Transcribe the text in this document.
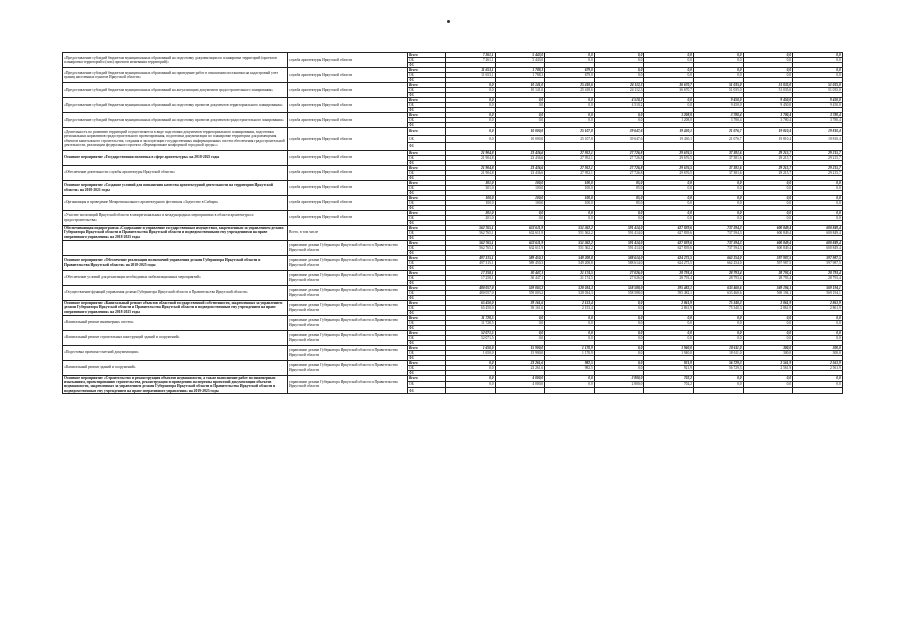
«Предоставление субсидий бюджетам муниципальных образований на подготовку документации по планировке территорий (проектов планировки территорий и (или) проектов межевания территорий)»	служба архитектуры Иркутской области	Всего	7 261,1	5 443,0	0,0	0,0	0,0	0,0	0,0	0,0
		ОБ	7 261,1	5 443,0	0,0	0,0	0,0	0,0	0,0	0,0
		ФБ								
«Предоставление субсидий бюджетам муниципальных образований на проведение работ в отношении постановки на кадастровый учет границ населенных пунктов Иркутской области»	служба архитектуры Иркутской области	Всего	11 653,1	1 788,3	679,0	0,0	0,0	0,0	0,0	0,0
		ОБ	11 653,1	1 788,3	679,0	0,0	0,0	0,0	0,0	0,0
		ФБ								
«Предоставление субсидий бюджетам муниципальных образований на актуализацию документов градостроительного зонирования»	служба архитектуры Иркутской области	Всего	0,0	10 141,0	25 418,6	24 112,3	36 670,7	51 035,0	51 035,0	51 035,0
		ОБ	0,0	10 141,0	25 418,6	24 112,3	36 670,7	51 035,0	51 035,0	51 035,0
		ФБ								
«Предоставление субсидий бюджетам муниципальных образований на подготовку проектов документов территориального планирования»	служба архитектуры Иркутской области	Всего	0,0	0,0	0,0	4 510,2	0,0	9 450,0	9 450,0	9 450,0
		ОБ	0,0	0,0	0,0	4 510,2	0,0	9 450,0	9 450,0	9 450,0
		ФБ								
«Предоставление субсидий бюджетам муниципальных образований на подготовку проектов документов градостроительного зонирования»	служба архитектуры Иркутской области	Всего	0,0	0,0	0,0	0,0	1 208,0	3 780,4	3 780,4	3 780,4
		ОБ	0,0	0,0	0,0	0,0	1 208,0	3 780,4	3 780,4	3 780,4
		ФБ								
«Деятельность по развитию территорий осуществляется в виде подготовки документов территориального планирования, подготовки региональных нормативов градостроительного проектирования, подготовки документации по планировке территории для размещения объектов капитального строительства, создания и эксплуатации государственных информационных систем обеспечения градостроительной деятельности, реализации федерального проекта «Формирование комфортной городской среды»»	служба архитектуры Иркутской области	Всего	0,0	10 000,0	25 107,8	39 647,6	19 430,1	21 076,7	19 810,4	19 810,4
		ОБ	0,0	10 000,0	25 107,8	39 647,6	19 430,1	21 076,7	19 810,4	19 810,4
		ФБ								
Основное мероприятие «Государственная политика в сфере архитектуры» на 2018-2025 годы	служба архитектуры Иркутской области	Всего	21 904,8	23 436,6	27 952,1	27 726,8	29 676,5	37 381,6	29 215,7	29 215,7
		ОБ	21 904,8	23 436,6	27 952,1	27 726,8	29 676,5	37 381,6	29 215,7	29 215,7
		ФБ								
«Обеспечение деятельности службы архитектуры Иркутской области»	служба архитектуры Иркутской области	Всего	21 904,8	23 436,6	27 952,1	27 726,8	29 676,5	37 381,6	29 215,7	29 215,7
		ОБ	21 904,8	23 436,6	27 952,1	27 726,8	29 676,5	37 381,6	29 215,7	29 215,7
		ФБ								
Основное мероприятие «Создание условий для повышения качества архитектурной деятельности на территории Иркутской области» на 2018-2021 годы	служба архитектуры Иркутской области	Всего	301,0	100,0	100,0	85,0	0,0	0,0	0,0	0,0
		ОБ	301,0	100,0	100,0	85,0	0,0	0,0	0,0	0,0
		ФБ								
«Организация и проведение Межрегионального архитектурного фестиваля «Зодчество в Сибири»	служба архитектуры Иркутской области	Всего	100,0	100,0	100,0	85,0	0,0	0,0	0,0	0,0
		ОБ	100,0	100,0	100,0	85,0	0,0	0,0	0,0	0,0
		ФБ								
«Участие экспозиций Иркутской области в межрегиональных и международных мероприятиях в области архитектуры и градостроительства»	служба архитектуры Иркутской области	Всего	201,0	0,0	0,0	0,0	0,0	0,0	0,0	0,0
		ОБ	201,0	0,0	0,0	0,0	0,0	0,0	0,0	0,0
		ФБ								
Обеспечивающая подпрограмма «Содержание и управление государственным имуществом, закрепленным за управлением делами Губернатора Иркутской области и Правительства Иркутской области и подведомственными ему учреждениями на праве оперативного управления» на 2018-2025 годы	Всего, в том числе	Всего	562 765,1	632 611,9	551 362,2	591 414,0	627 839,6	737 594,3	600 849,4	600 849,4
		ОБ	562 765,1	632 611,9	551 362,2	591 414,0	627 839,6	737 594,3	600 849,4	600 849,4
		ФБ								
	управление делами Губернатора Иркутской области и Правительства Иркутской области	Всего	562 765,1	632 611,9	551 362,2	591 414,0	627 839,6	737 594,3	600 849,4	600 849,4
		ОБ	562 765,1	632 611,9	551 362,2	591 414,0	627 839,6	737 594,3	600 849,4	600 849,4
		ФБ								
Основное мероприятие «Обеспечение реализации полномочий управления делами Губернатора Иркутской области и Правительства Иркутской области» на 2018-2025 годы	управление делами Губернатора Иркутской области и Правительства Иркутской области	Всего	497 315,1	589 450,3	549 208,8	588 614,0	624 275,5	662 254,0	597 987,5	597 987,5
		ОБ	497 315,1	589 450,3	549 208,8	588 614,0	624 275,5	662 254,0	597 987,5	597 987,5
		ФБ								
«Обеспечение условий для реализации необходимых мобилизационных мероприятий»	управление делами Губернатора Иркутской области и Правительства Иркутской области	Всего	17 258,1	30 447,1	21 174,5	27 026,0	28 793,4	28 793,4	28 793,4	28 793,4
		ОБ	17 258,1	30 447,1	21 174,5	27 026,0	28 793,4	28 793,4	28 793,4	28 793,4
		ФБ								
«Осуществление функций управления делами Губернатора Иркутской области и Правительства Иркутской области»	управление делами Губернатора Иркутской области и Правительства Иркутской области	Всего	480 057,0	559 003,2	528 034,3	558 588,0	595 482,1	633 460,6	569 194,1	569 194,1
		ОБ	480 057,0	559 003,2	528 034,3	558 588,0	595 482,1	633 460,6	569 194,1	569 194,1
		ФБ								
Основное мероприятие «Капитальный ремонт объектов областной государственной собственности, закрепленных за управлением делами Губернатора Иркутской области и Правительства Иркутской области и подведомственным ему учреждением на праве оперативного управления» на 2018-2025 годы	управление делами Губернатора Иркутской области и Правительства Иркутской области	Всего	65 450,0	39 161,6	2 153,4	0,0	2 861,9	75 340,3	2 861,9	2 861,9
		ОБ	65 450,0	39 161,6	2 153,4	0,0	2 861,9	75 340,3	2 861,9	2 861,9
		ФБ								
«Капитальный ремонт инженерных систем»	управление делами Губернатора Иркутской области и Правительства Иркутской области	Всего	11 728,5	0,0	0,0	0,0	0,0	0,0	0,0	0,0
		ОБ	11 728,5	0,0	0,0	0,0	0,0	0,0	0,0	0,0
		ФБ								
«Капитальный ремонт строительных конструкций зданий и сооружений»	управление делами Губернатора Иркутской области и Правительства Иркутской области	Всего	52 071,5	0,0	0,0	0,0	0,0	0,0	0,0	0,0
		ОБ	52 071,5	0,0	0,0	0,0	0,0	0,0	0,0	0,0
		ФБ								
«Подготовка проектно-сметной документации»	управление делами Губернатора Иркутской области и Правительства Иркутской области	Всего	1 650,0	15 900,0	1 170,9	0,0	1 940,0	18 611,0	300,0	300,0
		ОБ	1 650,0	15 900,0	1 170,9	0,0	1 940,0	18 611,0	300,0	300,0
		ФБ								
«Капитальный ремонт зданий и сооружений»	управление делами Губернатора Иркутской области и Правительства Иркутской области	Всего	0,0	23 261,6	982,5	0,0	921,9	56 729,3	2 561,9	2 561,9
		ОБ	0,0	23 261,6	982,5	0,0	921,9	56 729,3	2 561,9	2 561,9
		ФБ								
Основное мероприятие «Строительство и реконструкция объектов недвижимости, а также выполнение работ по инженерным изысканиям, проектированию строительства, реконструкции и проведению экспертизы проектной документации объектов недвижимости, закрепленных за управлением делами Губернатора Иркутской области и Правительства Иркутской области и подведомственным ему учреждением на праве оперативного управления» на 2019-2023 годы	управление делами Губернатора Иркутской области и Правительства Иркутской области	Всего	0,0	4 000,0	0,0	2 800,0	702,2	0,0	0,0	0,0
		ОБ	0,0	4 000,0	0,0	2 800,0	702,2	0,0	0,0	0,0
		ФБ								
